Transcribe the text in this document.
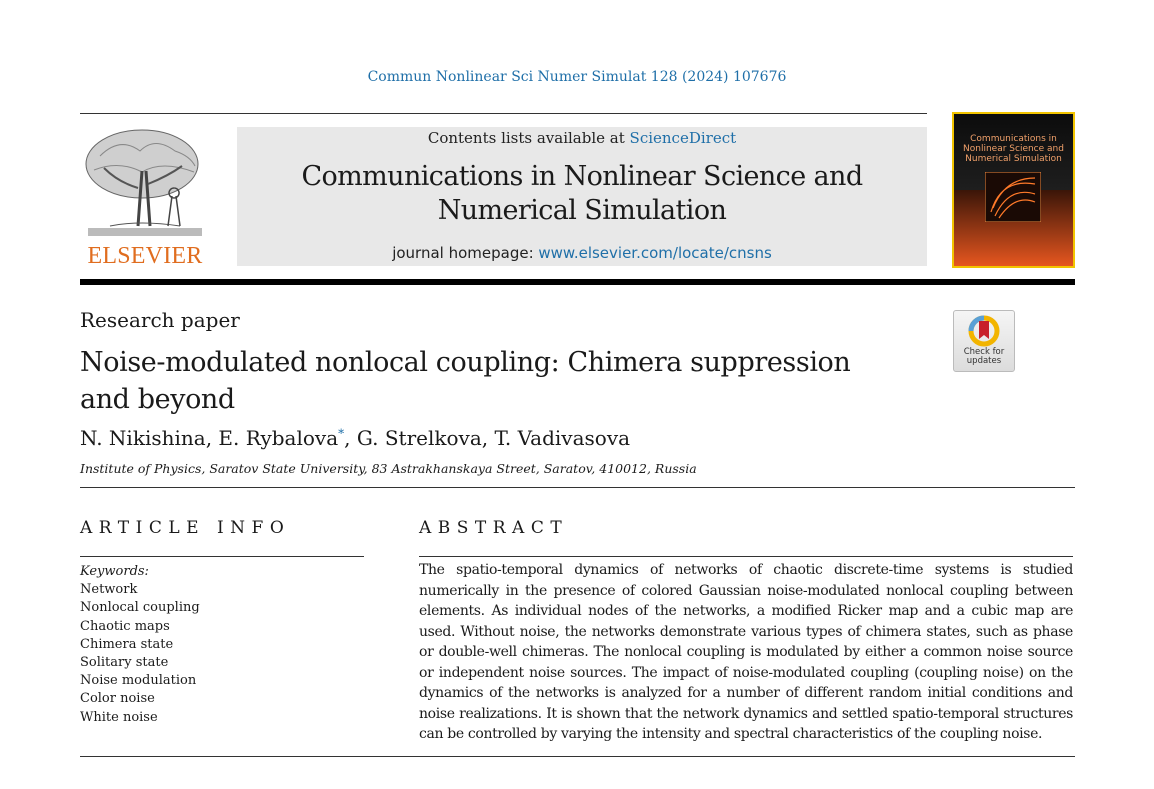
Commun Nonlinear Sci Numer Simulat 128 (2024) 107676
ELSEVIER
Contents lists available at ScienceDirect
Communications in Nonlinear Science and Numerical Simulation
journal homepage: www.elsevier.com/locate/cnsns
Communications in Nonlinear Science and Numerical Simulation
Research paper
Check for updates
Noise-modulated nonlocal coupling: Chimera suppression and beyond
N. Nikishina, E. Rybalova*, G. Strelkova, T. Vadivasova
Institute of Physics, Saratov State University, 83 Astrakhanskaya Street, Saratov, 410012, Russia
ARTICLE INFO
Keywords:
Network
Nonlocal coupling
Chaotic maps
Chimera state
Solitary state
Noise modulation
Color noise
White noise
ABSTRACT
The spatio-temporal dynamics of networks of chaotic discrete-time systems is studied numerically in the presence of colored Gaussian noise-modulated nonlocal coupling between elements. As individual nodes of the networks, a modified Ricker map and a cubic map are used. Without noise, the networks demonstrate various types of chimera states, such as phase or double-well chimeras. The nonlocal coupling is modulated by either a common noise source or independent noise sources. The impact of noise-modulated coupling (coupling noise) on the dynamics of the networks is analyzed for a number of different random initial conditions and noise realizations. It is shown that the network dynamics and settled spatio-temporal structures can be controlled by varying the intensity and spectral characteristics of the coupling noise.
